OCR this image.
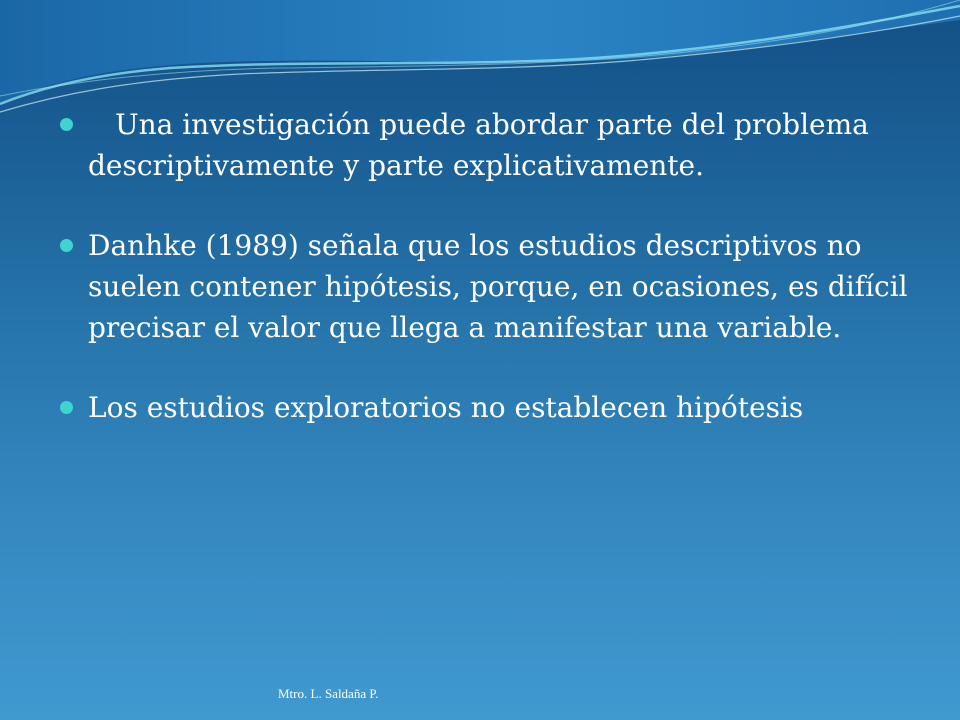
Una investigación puede abordar parte del problema descriptivamente y parte explicativamente.
Danhke (1989) señala que los estudios descriptivos no suelen contener hipótesis, porque, en ocasiones, es difícil precisar el valor que llega a manifestar una variable.
Los estudios exploratorios no establecen hipótesis
Mtro. L. Saldaña P.
